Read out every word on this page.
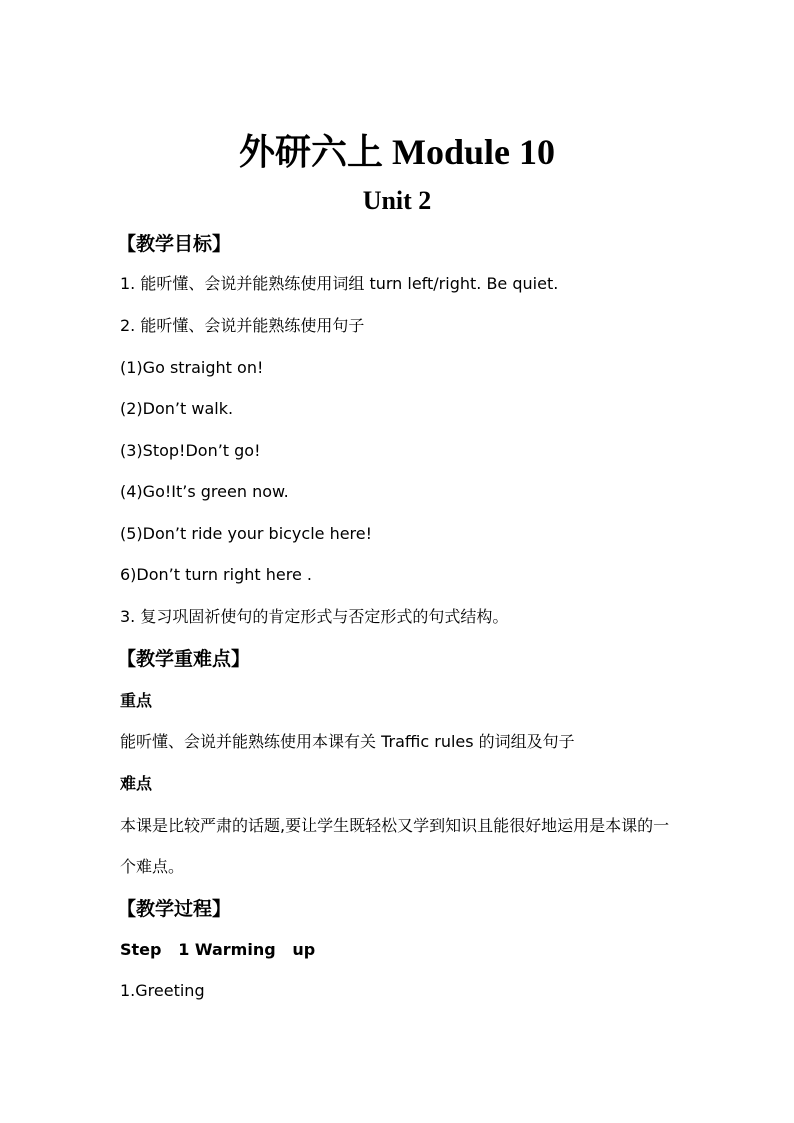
外研六上 Module 10
Unit 2
【教学目标】
1. 能听懂、会说并能熟练使用词组 turn left/right. Be quiet.
2. 能听懂、会说并能熟练使用句子
(1)Go straight on!
(2)Don’t walk.
(3)Stop!Don’t go!
(4)Go!It’s green now.
(5)Don’t ride your bicycle here!
6)Don’t turn right here .
3. 复习巩固祈使句的肯定形式与否定形式的句式结构。
【教学重难点】
重点
能听懂、会说并能熟练使用本课有关 Traffic rules 的词组及句子
难点
本课是比较严肃的话题,要让学生既轻松又学到知识且能很好地运用是本课的一
个难点。
【教学过程】
Step   1 Warming   up
1.Greeting
